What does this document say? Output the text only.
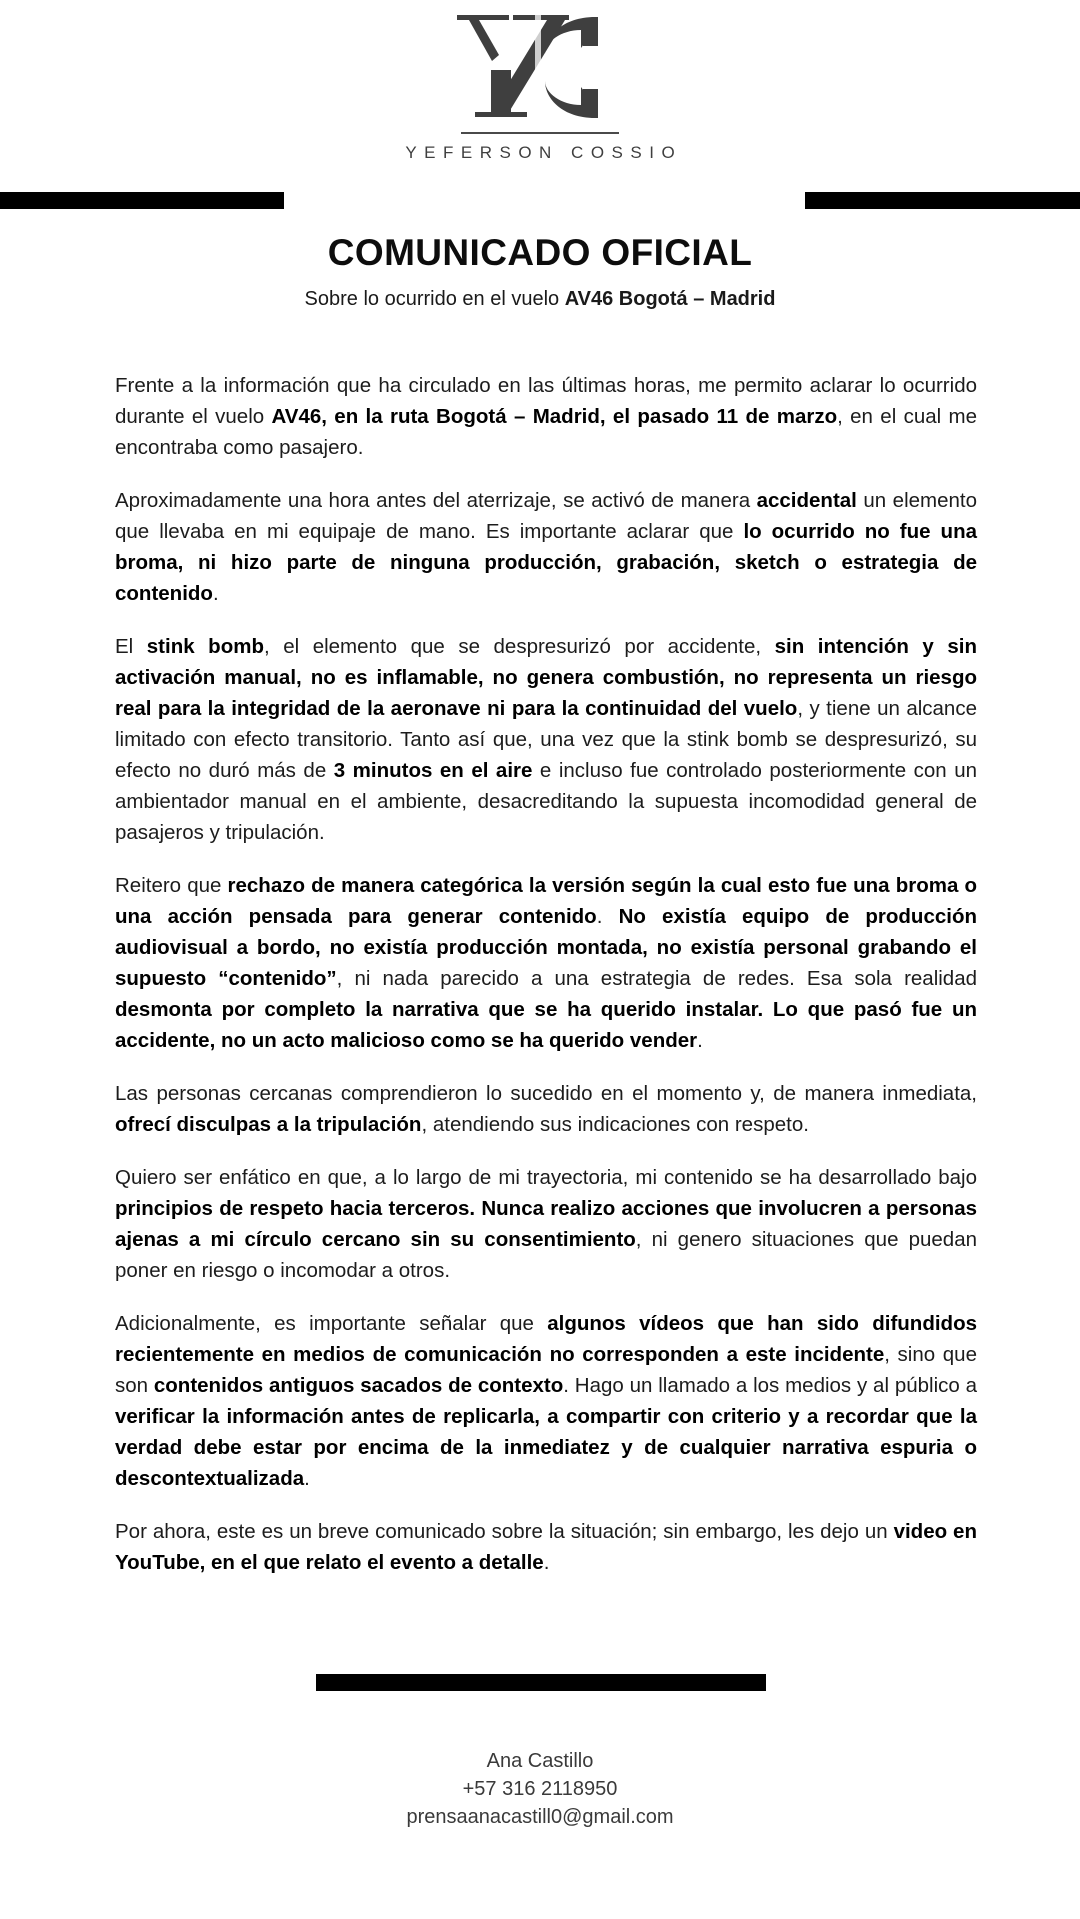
YEFERSON COSSIO
COMUNICADO OFICIAL
Sobre lo ocurrido en el vuelo AV46 Bogotá – Madrid

Frente a la información que ha circulado en las últimas horas, me permito aclarar lo ocurrido durante el vuelo AV46, en la ruta Bogotá – Madrid, el pasado 11 de marzo, en el cual me encontraba como pasajero.

Aproximadamente una hora antes del aterrizaje, se activó de manera accidental un elemento que llevaba en mi equipaje de mano. Es importante aclarar que lo ocurrido no fue una broma, ni hizo parte de ninguna producción, grabación, sketch o estrategia de contenido.

El stink bomb, el elemento que se despresurizó por accidente, sin intención y sin activación manual, no es inflamable, no genera combustión, no representa un riesgo real para la integridad de la aeronave ni para la continuidad del vuelo, y tiene un alcance limitado con efecto transitorio. Tanto así que, una vez que la stink bomb se despresurizó, su efecto no duró más de 3 minutos en el aire e incluso fue controlado posteriormente con un ambientador manual en el ambiente, desacreditando la supuesta incomodidad general de pasajeros y tripulación.

Reitero que rechazo de manera categórica la versión según la cual esto fue una broma o una acción pensada para generar contenido. No existía equipo de producción audiovisual a bordo, no existía producción montada, no existía personal grabando el supuesto “contenido”, ni nada parecido a una estrategia de redes. Esa sola realidad desmonta por completo la narrativa que se ha querido instalar. Lo que pasó fue un accidente, no un acto malicioso como se ha querido vender.

Las personas cercanas comprendieron lo sucedido en el momento y, de manera inmediata, ofrecí disculpas a la tripulación, atendiendo sus indicaciones con respeto.

Quiero ser enfático en que, a lo largo de mi trayectoria, mi contenido se ha desarrollado bajo principios de respeto hacia terceros. Nunca realizo acciones que involucren a personas ajenas a mi círculo cercano sin su consentimiento, ni genero situaciones que puedan poner en riesgo o incomodar a otros.

Adicionalmente, es importante señalar que algunos vídeos que han sido difundidos recientemente en medios de comunicación no corresponden a este incidente, sino que son contenidos antiguos sacados de contexto. Hago un llamado a los medios y al público a verificar la información antes de replicarla, a compartir con criterio y a recordar que la verdad debe estar por encima de la inmediatez y de cualquier narrativa espuria o descontextualizada.

Por ahora, este es un breve comunicado sobre la situación; sin embargo, les dejo un video en YouTube, en el que relato el evento a detalle.

Ana Castillo
+57 316 2118950
prensaanacastill0@gmail.com
